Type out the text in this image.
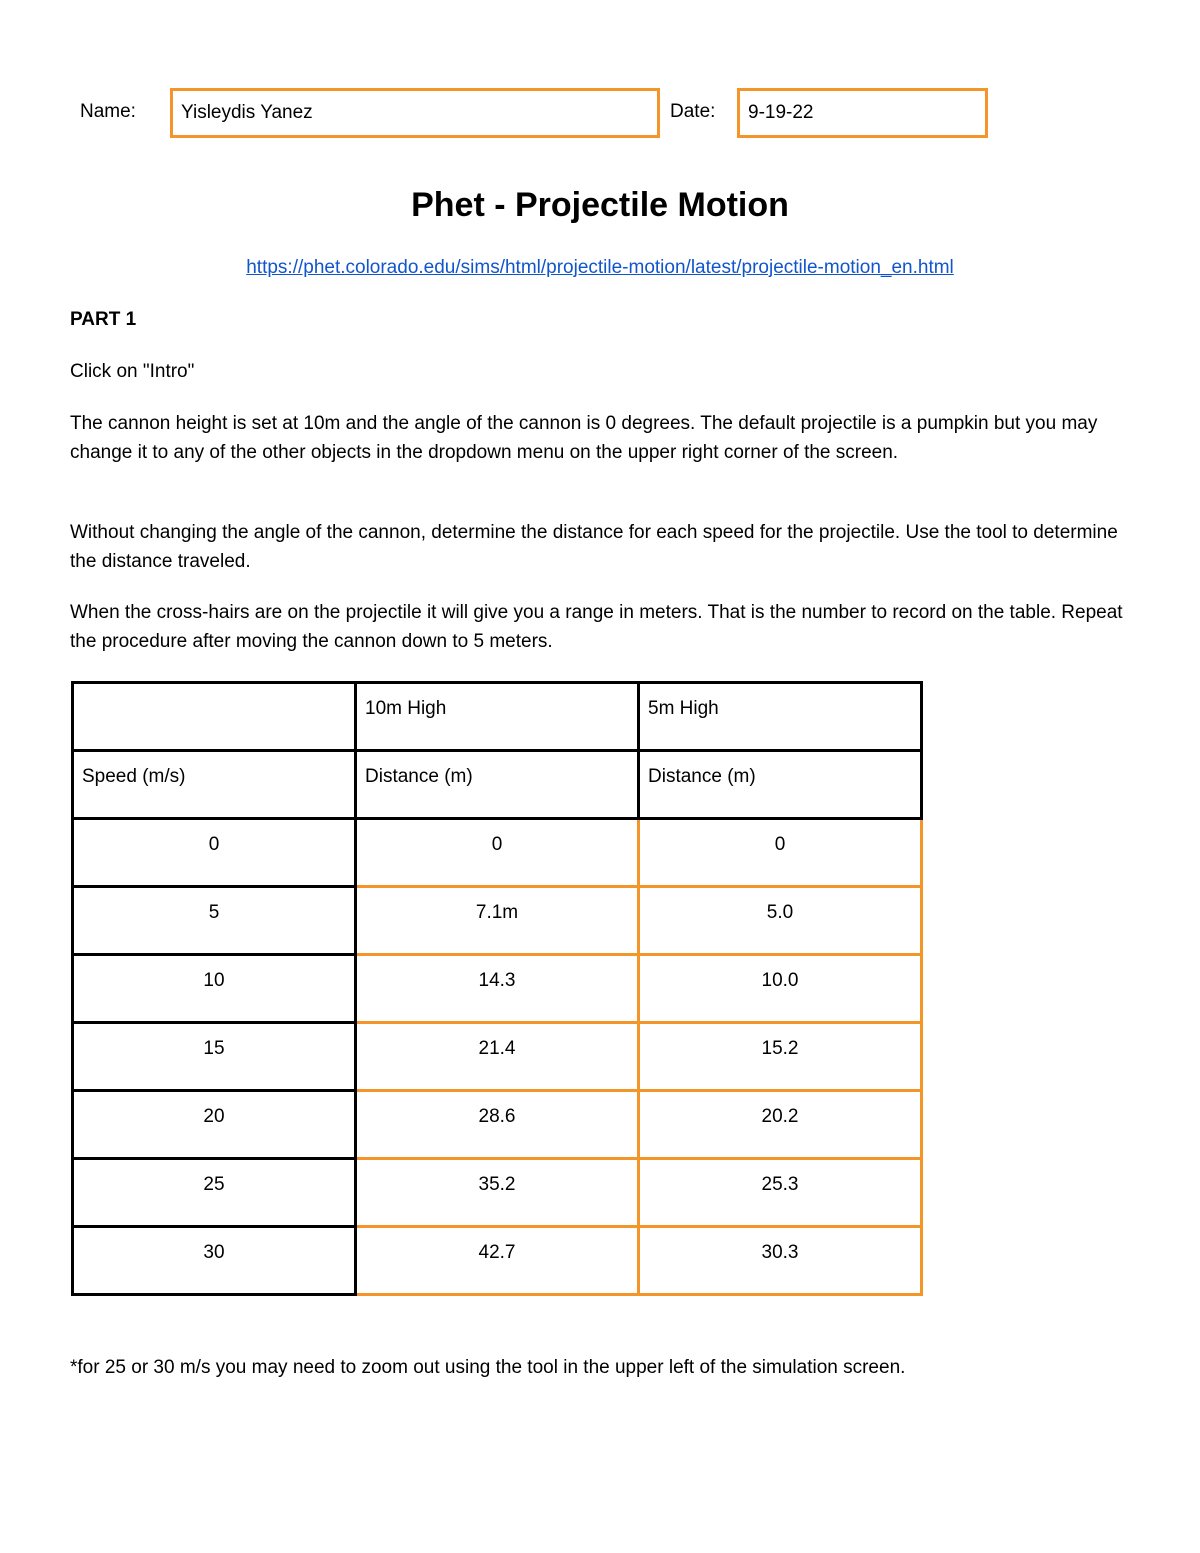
Name:	Yisleydis Yanez	Date:	9-19-22
Phet - Projectile Motion
https://phet.colorado.edu/sims/html/projectile-motion/latest/projectile-motion_en.html
PART 1
Click on "Intro"
The cannon height is set at 10m and the angle of the cannon is 0 degrees. The default projectile is a pumpkin but you may change it to any of the other objects in the dropdown menu on the upper right corner of the screen.
Without changing the angle of the cannon, determine the distance for each speed for the projectile. Use the tool to determine the distance traveled.
When the cross-hairs are on the projectile it will give you a range in meters. That is the number to record on the table. Repeat the procedure after moving the cannon down to 5 meters.
	10m High	5m High
Speed (m/s)	Distance (m)	Distance (m)
0	0	0
5	7.1m	5.0
10	14.3	10.0
15	21.4	15.2
20	28.6	20.2
25	35.2	25.3
30	42.7	30.3
*for 25 or 30 m/s you may need to zoom out using the tool in the upper left of the simulation screen.
